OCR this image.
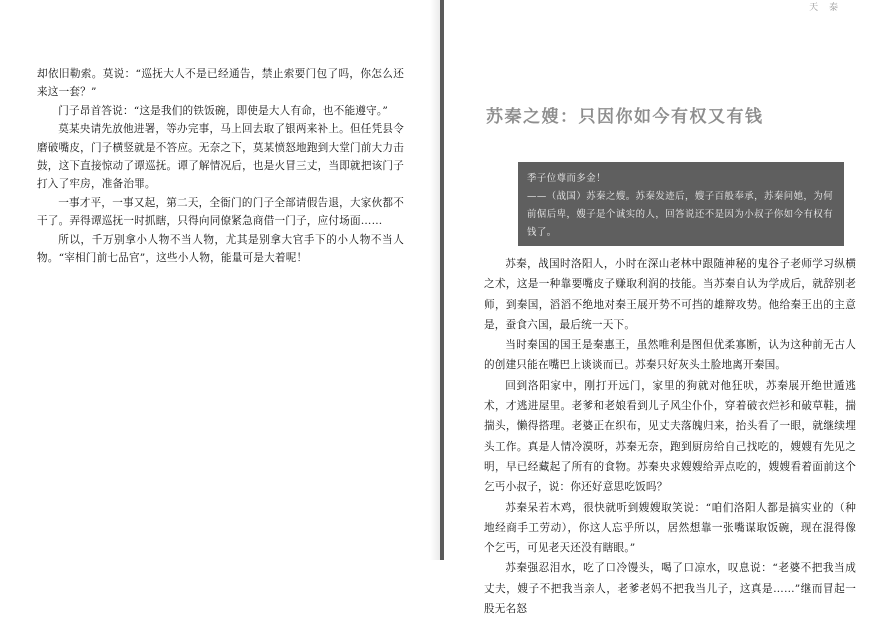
却依旧勒索。莫说：“巡抚大人不是已经通告，禁止索要门包了吗，你怎么还来这一套？”

门子昂首答说：“这是我们的铁饭碗，即使是大人有命，也不能遵守。”

莫某央请先放他进署，等办完事，马上回去取了银两来补上。但任凭县令磨破嘴皮，门子横竖就是不答应。无奈之下，莫某愤怒地跑到大堂门前大力击鼓，这下直接惊动了谭巡抚。谭了解情况后，也是火冒三丈，当即就把该门子打入了牢房，准备治罪。

一事才平，一事又起，第二天，全衙门的门子全部请假告退，大家伙都不干了。弄得谭巡抚一时抓瞎，只得向同僚紧急商借一门子，应付场面……

所以，千万别拿小人物不当人物，尤其是别拿大官手下的小人物不当人物。“宰相门前七品官”，这些小人物，能量可是大着呢！

天 泰
苏秦之嫂：只因你如今有权又有钱

季子位尊而多金！

——（战国）苏秦之嫂。苏秦发迹后，嫂子百般奉承，苏秦问她，为何前倨后卑，嫂子是个诚实的人，回答说还不是因为小叔子你如今有权有钱了。

苏秦，战国时洛阳人，小时在深山老林中跟随神秘的鬼谷子老师学习纵横之术，这是一种靠要嘴皮子赚取利润的技能。当苏秦自认为学成后，就辞别老师，到秦国，滔滔不绝地对秦王展开势不可挡的雄辩攻势。他给秦王出的主意是，蚕食六国，最后统一天下。

当时秦国的国王是秦惠王，虽然唯利是图但优柔寡断，认为这种前无古人的创建只能在嘴巴上谈谈而已。苏秦只好灰头土脸地离开秦国。

回到洛阳家中，刚打开远门，家里的狗就对他狂吠，苏秦展开绝世遁逃术，才逃进屋里。老爹和老娘看到儿子风尘仆仆，穿着破衣烂衫和破草鞋，揣揣头，懒得搭理。老婆正在织布，见丈夫落魄归来，抬头看了一眼，就继续埋头工作。真是人情冷漠呀，苏秦无奈，跑到厨房给自己找吃的，嫂嫂有先见之明，早已经藏起了所有的食物。苏秦央求嫂嫂给弄点吃的，嫂嫂看着面前这个乞丐小叔子，说：你还好意思吃饭吗？

苏秦呆若木鸡，很快就听到嫂嫂取笑说：“咱们洛阳人都是搞实业的（种地经商手工劳动），你这人忘乎所以，居然想靠一张嘴谋取饭碗，现在混得像个乞丐，可见老天还没有瞎眼。”

苏秦强忍泪水，吃了口冷馒头，喝了口凉水，叹息说：“老婆不把我当成丈夫，嫂子不把我当亲人，老爹老妈不把我当儿子，这真是……”继而冒起一股无名怒
